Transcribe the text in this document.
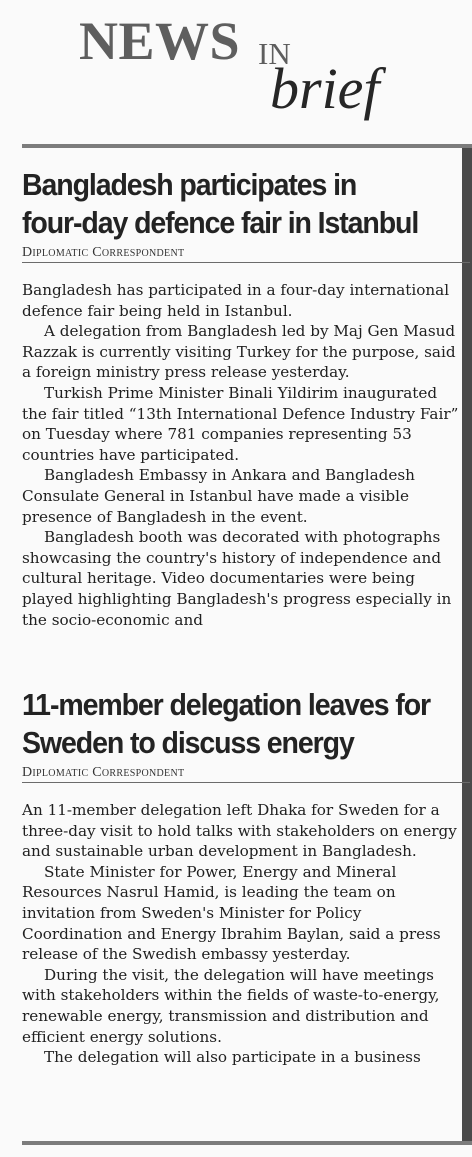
NEWS IN
brief
Bangladesh participates in
four-day defence fair in Istanbul
Diplomatic Correspondent

Bangladesh has participated in a four-day international defence fair being held in Istanbul.

A delegation from Bangladesh led by Maj Gen Masud Razzak is currently visiting Turkey for the purpose, said a foreign ministry press release yesterday.

Turkish Prime Minister Binali Yildirim inaugurated the fair titled “13th International Defence Industry Fair” on Tuesday where 781 companies representing 53 countries have participated.

Bangladesh Embassy in Ankara and Bangladesh Consulate General in Istanbul have made a visible presence of Bangladesh in the event.

Bangladesh booth was decorated with photographs showcasing the country's history of independence and cultural heritage. Video documentaries were being played highlighting Bangladesh's progress especially in the socio-economic and

11-member delegation leaves for
Sweden to discuss energy
Diplomatic Correspondent

An 11-member delegation left Dhaka for Sweden for a three-day visit to hold talks with stakeholders on energy and sustainable urban development in Bangladesh.

State Minister for Power, Energy and Mineral Resources Nasrul Hamid, is leading the team on invitation from Sweden's Minister for Policy Coordination and Energy Ibrahim Baylan, said a press release of the Swedish embassy yesterday.

During the visit, the delegation will have meetings with stakeholders within the fields of waste-to-energy, renewable energy, transmission and distribution and efficient energy solutions.

The delegation will also participate in a business
